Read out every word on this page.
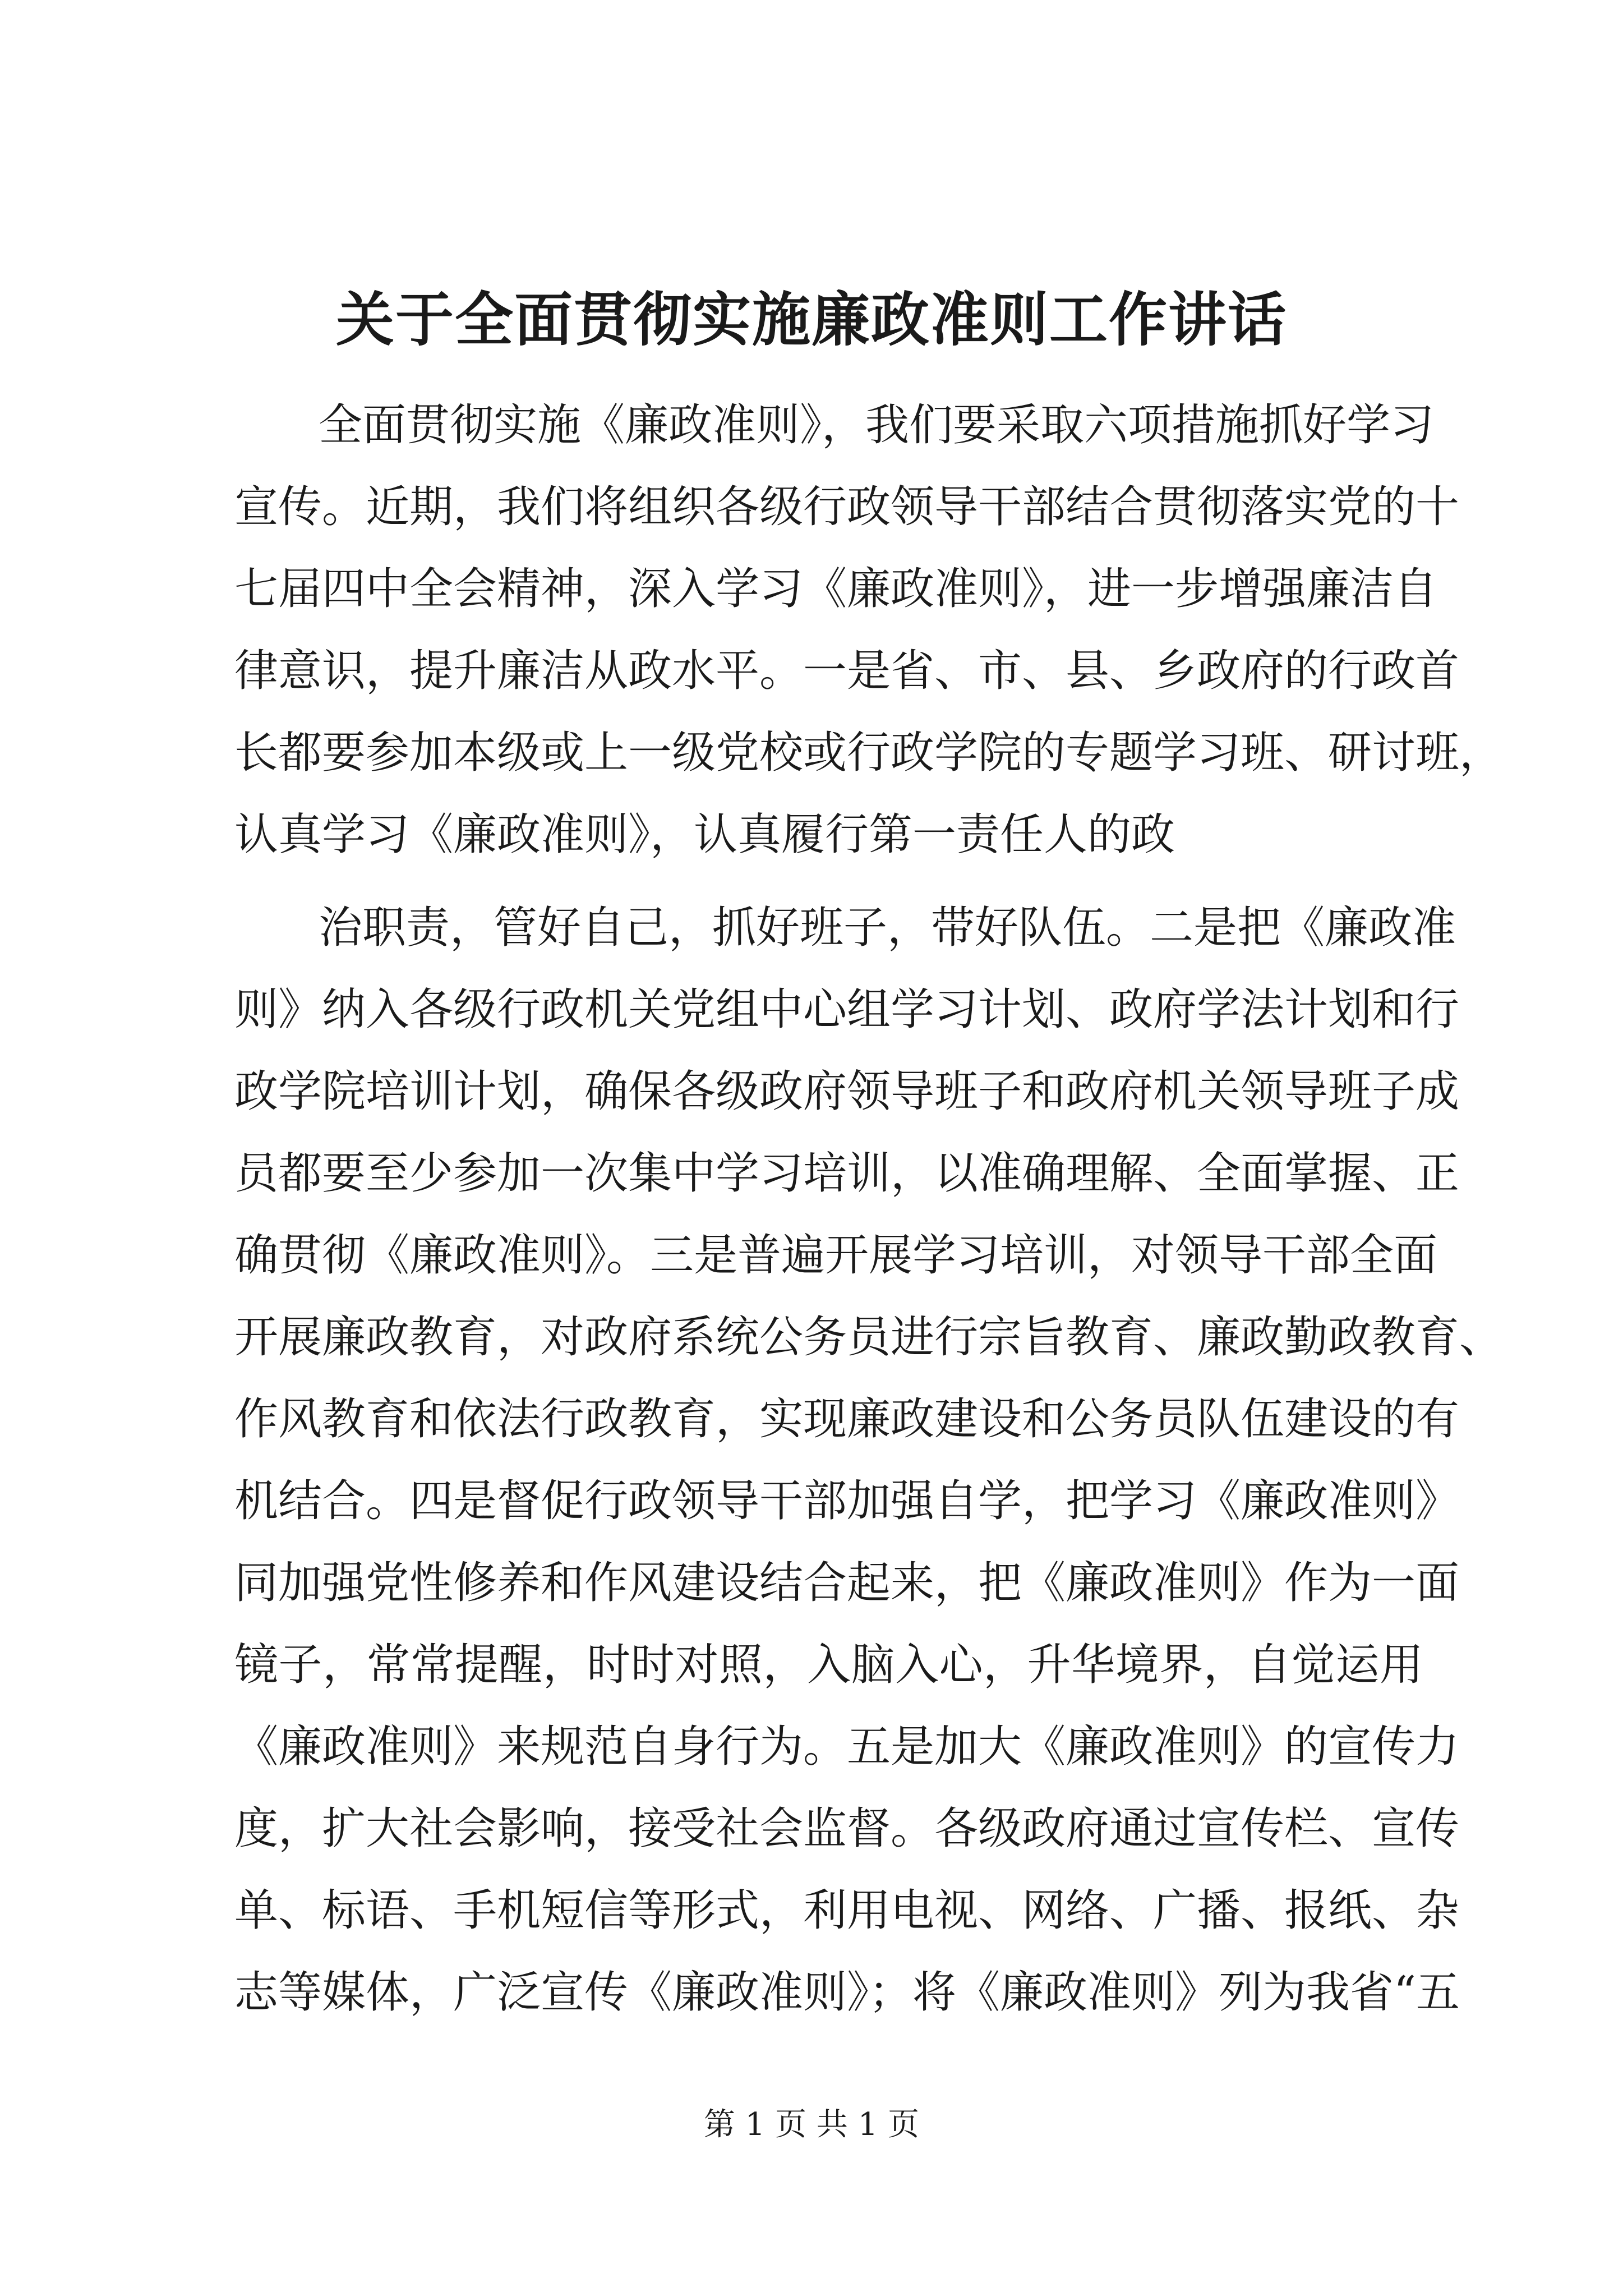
关于全面贯彻实施廉政准则工作讲话
全面贯彻实施《廉政准则》，我们要采取六项措施抓好学习
宣传。近期，我们将组织各级行政领导干部结合贯彻落实党的十
七届四中全会精神，深入学习《廉政准则》，进一步增强廉洁自
律意识，提升廉洁从政水平。一是省、市、县、乡政府的行政首
长都要参加本级或上一级党校或行政学院的专题学习班、研讨班，
认真学习《廉政准则》，认真履行第一责任人的政
治职责，管好自己，抓好班子，带好队伍。二是把《廉政准
则》纳入各级行政机关党组中心组学习计划、政府学法计划和行
政学院培训计划，确保各级政府领导班子和政府机关领导班子成
员都要至少参加一次集中学习培训，以准确理解、全面掌握、正
确贯彻《廉政准则》。三是普遍开展学习培训，对领导干部全面
开展廉政教育，对政府系统公务员进行宗旨教育、廉政勤政教育、
作风教育和依法行政教育，实现廉政建设和公务员队伍建设的有
机结合。四是督促行政领导干部加强自学，把学习《廉政准则》
同加强党性修养和作风建设结合起来，把《廉政准则》作为一面
镜子，常常提醒，时时对照，入脑入心，升华境界，自觉运用
《廉政准则》来规范自身行为。五是加大《廉政准则》的宣传力
度，扩大社会影响，接受社会监督。各级政府通过宣传栏、宣传
单、标语、手机短信等形式，利用电视、网络、广播、报纸、杂
志等媒体，广泛宣传《廉政准则》；将《廉政准则》列为我省“五
第 1 页 共 1 页
